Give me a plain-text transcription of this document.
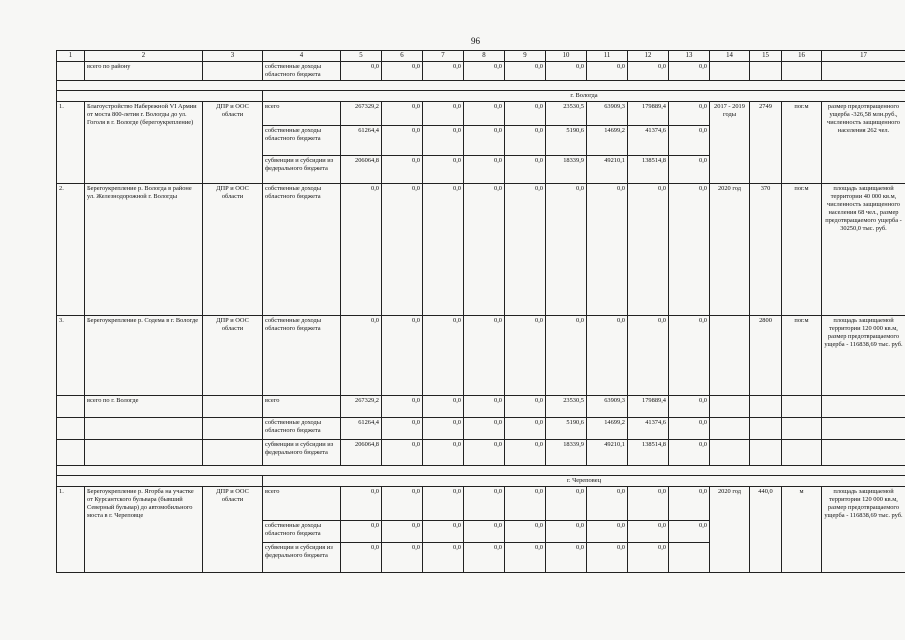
96
1	2	3	4	5	6	7	8	9	10	11	12	13	14	15	16	17
	всего по району		собственные доходы областного бюджета	0,0	0,0	0,0	0,0	0,0	0,0	0,0	0,0	0,0				

			г. Вологда													
1.	Благоустройство Набережной VI Армии от моста 800-летия г. Вологды до ул. Гоголя в г. Вологде (берегоукрепление)	ДПР и ООС области	всего	267329,2	0,0	0,0	0,0	0,0	23530,5	63909,3	179889,4	0,0	2017 - 2019 годы	2749	пог.м	размер предотвращенного ущерба -326,58 млн.руб., численность защищенного населения 262 чел.
			собственные доходы областного бюджета	61264,4	0,0	0,0	0,0	0,0	5190,6	14699,2	41374,6	0,0				
			субвенции и субсидии из федерального бюджета	206064,8	0,0	0,0	0,0	0,0	18339,9	49210,1	138514,8	0,0				
2.	Берегоукрепление р. Вологда в районе ул. Железнодорожной г. Вологды	ДПР и ООС области	собственные доходы областного бюджета	0,0	0,0	0,0	0,0	0,0	0,0	0,0	0,0	0,0	2020 год	370	пог.м	площадь защищаемой территории 40 000 кв.м, численность защищенного населения 68 чел., размер предотвращаемого ущерба - 30250,0 тыс. руб.
3.	Берегоукрепление р. Содема в г. Вологде	ДПР и ООС области	собственные доходы областного бюджета	0,0	0,0	0,0	0,0	0,0	0,0	0,0	0,0	0,0		2800	пог.м	площадь защищаемой территории 120 000 кв.м, размер предотвращаемого ущерба - 116838,69 тыс. руб.
	всего по г. Вологде		всего	267329,2	0,0	0,0	0,0	0,0	23530,5	63909,3	179889,4	0,0				
			собственные доходы областного бюджета	61264,4	0,0	0,0	0,0	0,0	5190,6	14699,2	41374,6	0,0				
			субвенции и субсидии из федерального бюджета	206064,8	0,0	0,0	0,0	0,0	18339,9	49210,1	138514,8	0,0				

			г. Череповец													
1.	Берегоукрепление р. Ягорба на участке от Курсантского бульвара (бывший Северный бульвар) до автомобильного моста в г. Череповце	ДПР и ООС области	всего	0,0	0,0	0,0	0,0	0,0	0,0	0,0	0,0	0,0	2020 год	440,0	м	площадь защищаемой территории 120 000 кв.м, размер предотвращаемого ущерба - 116838,69 тыс. руб.
			собственные доходы областного бюджета	0,0	0,0	0,0	0,0	0,0	0,0	0,0	0,0	0,0				
			субвенции и субсидия из федерального бюджета	0,0	0,0	0,0	0,0	0,0	0,0	0,0	0,0					
